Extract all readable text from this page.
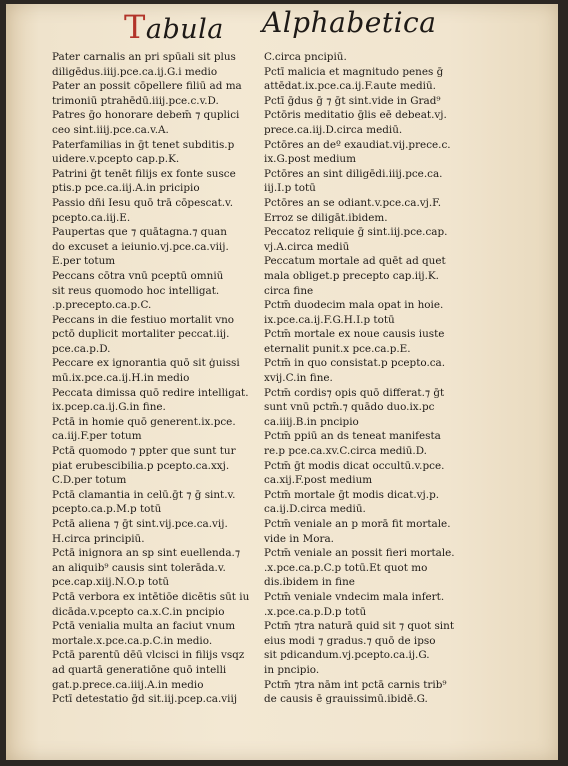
Tabula Alphabetica
Pater carnalis an pri spūali sit plus
diligēdus.iiij.pce.ca.ij.G.i medio
Pater an possit cōpellere filiū ad ma
trimoniū ptrahēdū.iiij.pce.c.v.D.
Patres ḡo honorare debem̄ ⁊ quplici
ceo sint.iiij.pce.ca.v.A.
Paterfamilias in ḡt tenet subditis.p
uidere.v.pcepto cap.p.K.
Patrini ḡt tenēt filijs ex fonte susce
ptis.p pce.ca.iij.A.in pricipio
Passio dñi Iesu quō trā cōpescat.v.
pcepto.ca.iij.E.
Paupertas que ⁊ quātagna.⁊ quan
do excuset a ieiunio.vj.pce.ca.viij.
E.per totum
Peccans cōtra vnū pceptū omniū
sit reus quomodo hoc intelligat.
.p.precepto.ca.p.C.
Peccans in die festiuo mortalit vno
pctō duplicit mortaliter peccat.iij.
pce.ca.p.D.
Peccare ex ignorantia quō sit ġuissi
mū.ix.pce.ca.ij.H.in medio
Peccata dimissa quō redire intelligat.
ix.pcep.ca.ij.G.in fine.
Pctā in homie quō generent.ix.pce.
ca.iij.F.per totum
Pctā quomodo ⁊ ppter que sunt tur
piat erubescibilia.p pcepto.ca.xxj.
C.D.per totum
Pctā clamantia in celū.ḡt ⁊ ḡ sint.v.
pcepto.ca.p.M.p totū
Pctā aliena ⁊ ḡt sint.vij.pce.ca.vij.
H.circa principiū.
Pctā inignora an sp sint euellenda.⁊
an aliquib⁹ causis sint tolerāda.v.
pce.cap.xiij.N.O.p totū
Pctā verbora ex intētiōe dicētis sūt iu
dicāda.v.pcepto ca.x.C.in pncipio
Pctā venialia multa an faciut vnum
mortale.x.pce.ca.p.C.in medio.
Pctā parentū dēū vlcisci in filijs vsqz
ad quartā generatiōne quō intelli
gat.p.prece.ca.iiij.A.in medio
Pctī detestatio ḡd sit.iij.pcep.ca.viij
C.circa pncipiū.
Pctī malicia et magnitudo penes ḡ
attēdat.ix.pce.ca.ij.F.aute mediū.
Pctī ḡdus ḡ ⁊ ḡt sint.vide in Grad⁹
Pctōris meditatio ḡlis eē debeat.vj.
prece.ca.iij.D.circa mediū.
Pctōres an deº exaudiat.vij.prece.c.
ix.G.post medium
Pctōres an sint diligēdi.iiij.pce.ca.
iij.I.p totū
Pctōres an se odiant.v.pce.ca.vj.F.
Erroz se diligāt.ibidem.
Peccatoz reliquie ḡ sint.iij.pce.cap.
vj.A.circa mediū
Peccatum mortale ad quēt ad quet
mala obliget.p precepto cap.iij.K.
circa fine
Pctm̄ duodecim mala opat in hoie.
ix.pce.ca.ij.F.G.H.I.p totū
Pctm̄ mortale ex noue causis iuste
eternalit punit.x pce.ca.p.E.
Pctm̄ in quo consistat.p pcepto.ca.
xvij.C.in fine.
Pctm̄ cordis⁊ opis quō differat.⁊ ḡt
sunt vnū pctm̄.⁊ quādo duo.ix.pc
ca.iiij.B.in pncipio
Pctm̄ ppiū an ds teneat manifesta
re.p pce.ca.xv.C.circa mediū.D.
Pctm̄ ḡt modis dicat occultū.v.pce.
ca.xij.F.post medium
Pctm̄ mortale ḡt modis dicat.vj.p.
ca.ij.D.circa mediū.
Pctm̄ veniale an p morā fit mortale.
vide in Mora.
Pctm̄ veniale an possit fieri mortale.
.x.pce.ca.p.C.p totū.Et quot mo
dis.ibidem in fine
Pctm̄ veniale vndecim mala infert.
.x.pce.ca.p.D.p totū
Pctm̄ ⁊tra naturā quid sit ⁊ quot sint
eius modi ⁊ gradus.⁊ quō de ipso
sit pdicandum.vj.pcepto.ca.ij.G.
in pncipio.
Pctm̄ ⁊tra nām int pctā carnis trib⁹
de causis ē grauissimū.ibidē.G.
